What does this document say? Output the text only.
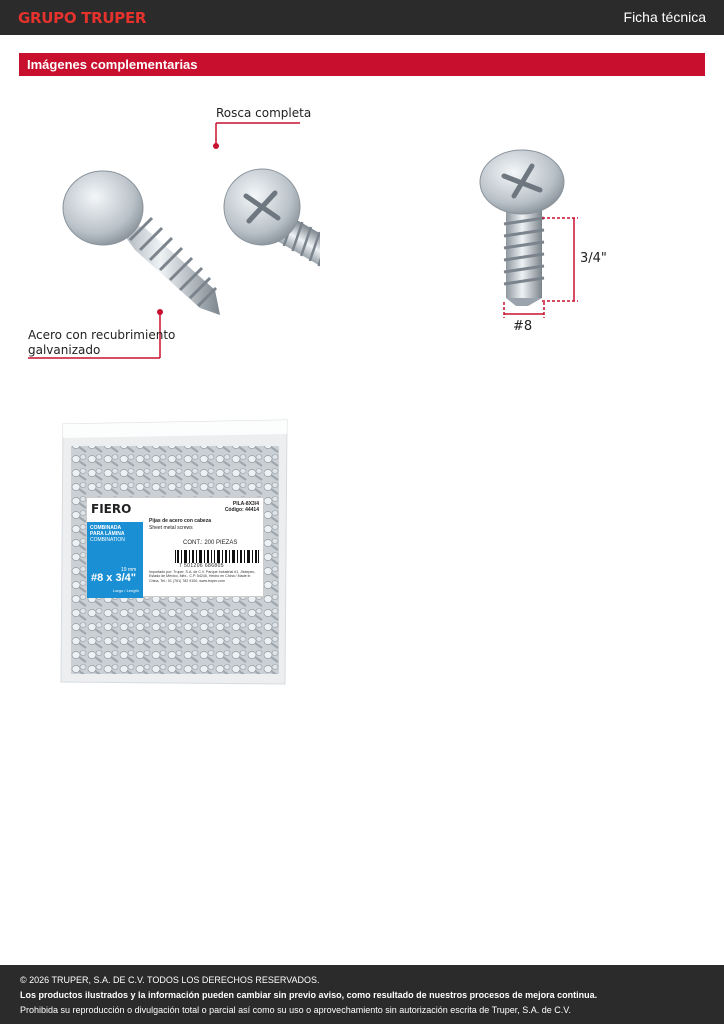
GRUPO TRUPER	Ficha técnica
Imágenes complementarias
Rosca completa
Acero con recubrimiento
galvanizado
3/4"
#8
FIERO	PILA-8X3/4
Código: 44414
Pijas de acero con cabeza
Sheet metal screws
CONT.: 200 PIEZAS
COMBINADA
PARA LÁMINA
COMBINATION
19 mm
#8 x 3/4"
Largo / Length
7 501206 686805
Importado por: Truper, S.A. de C.V. Parque Industrial #1, Jilotepec, Estado de México, Méx., C.P. 54240, Hecho en China / Made in China, Tel.: 01 (761) 782 9100, www.truper.com
© 2026 TRUPER, S.A. DE C.V. TODOS LOS DERECHOS RESERVADOS.
Los productos ilustrados y la información pueden cambiar sin previo aviso, como resultado de nuestros procesos de mejora continua.
Prohibida su reproducción o divulgación total o parcial así como su uso o aprovechamiento sin autorización escrita de Truper, S.A. de C.V.
